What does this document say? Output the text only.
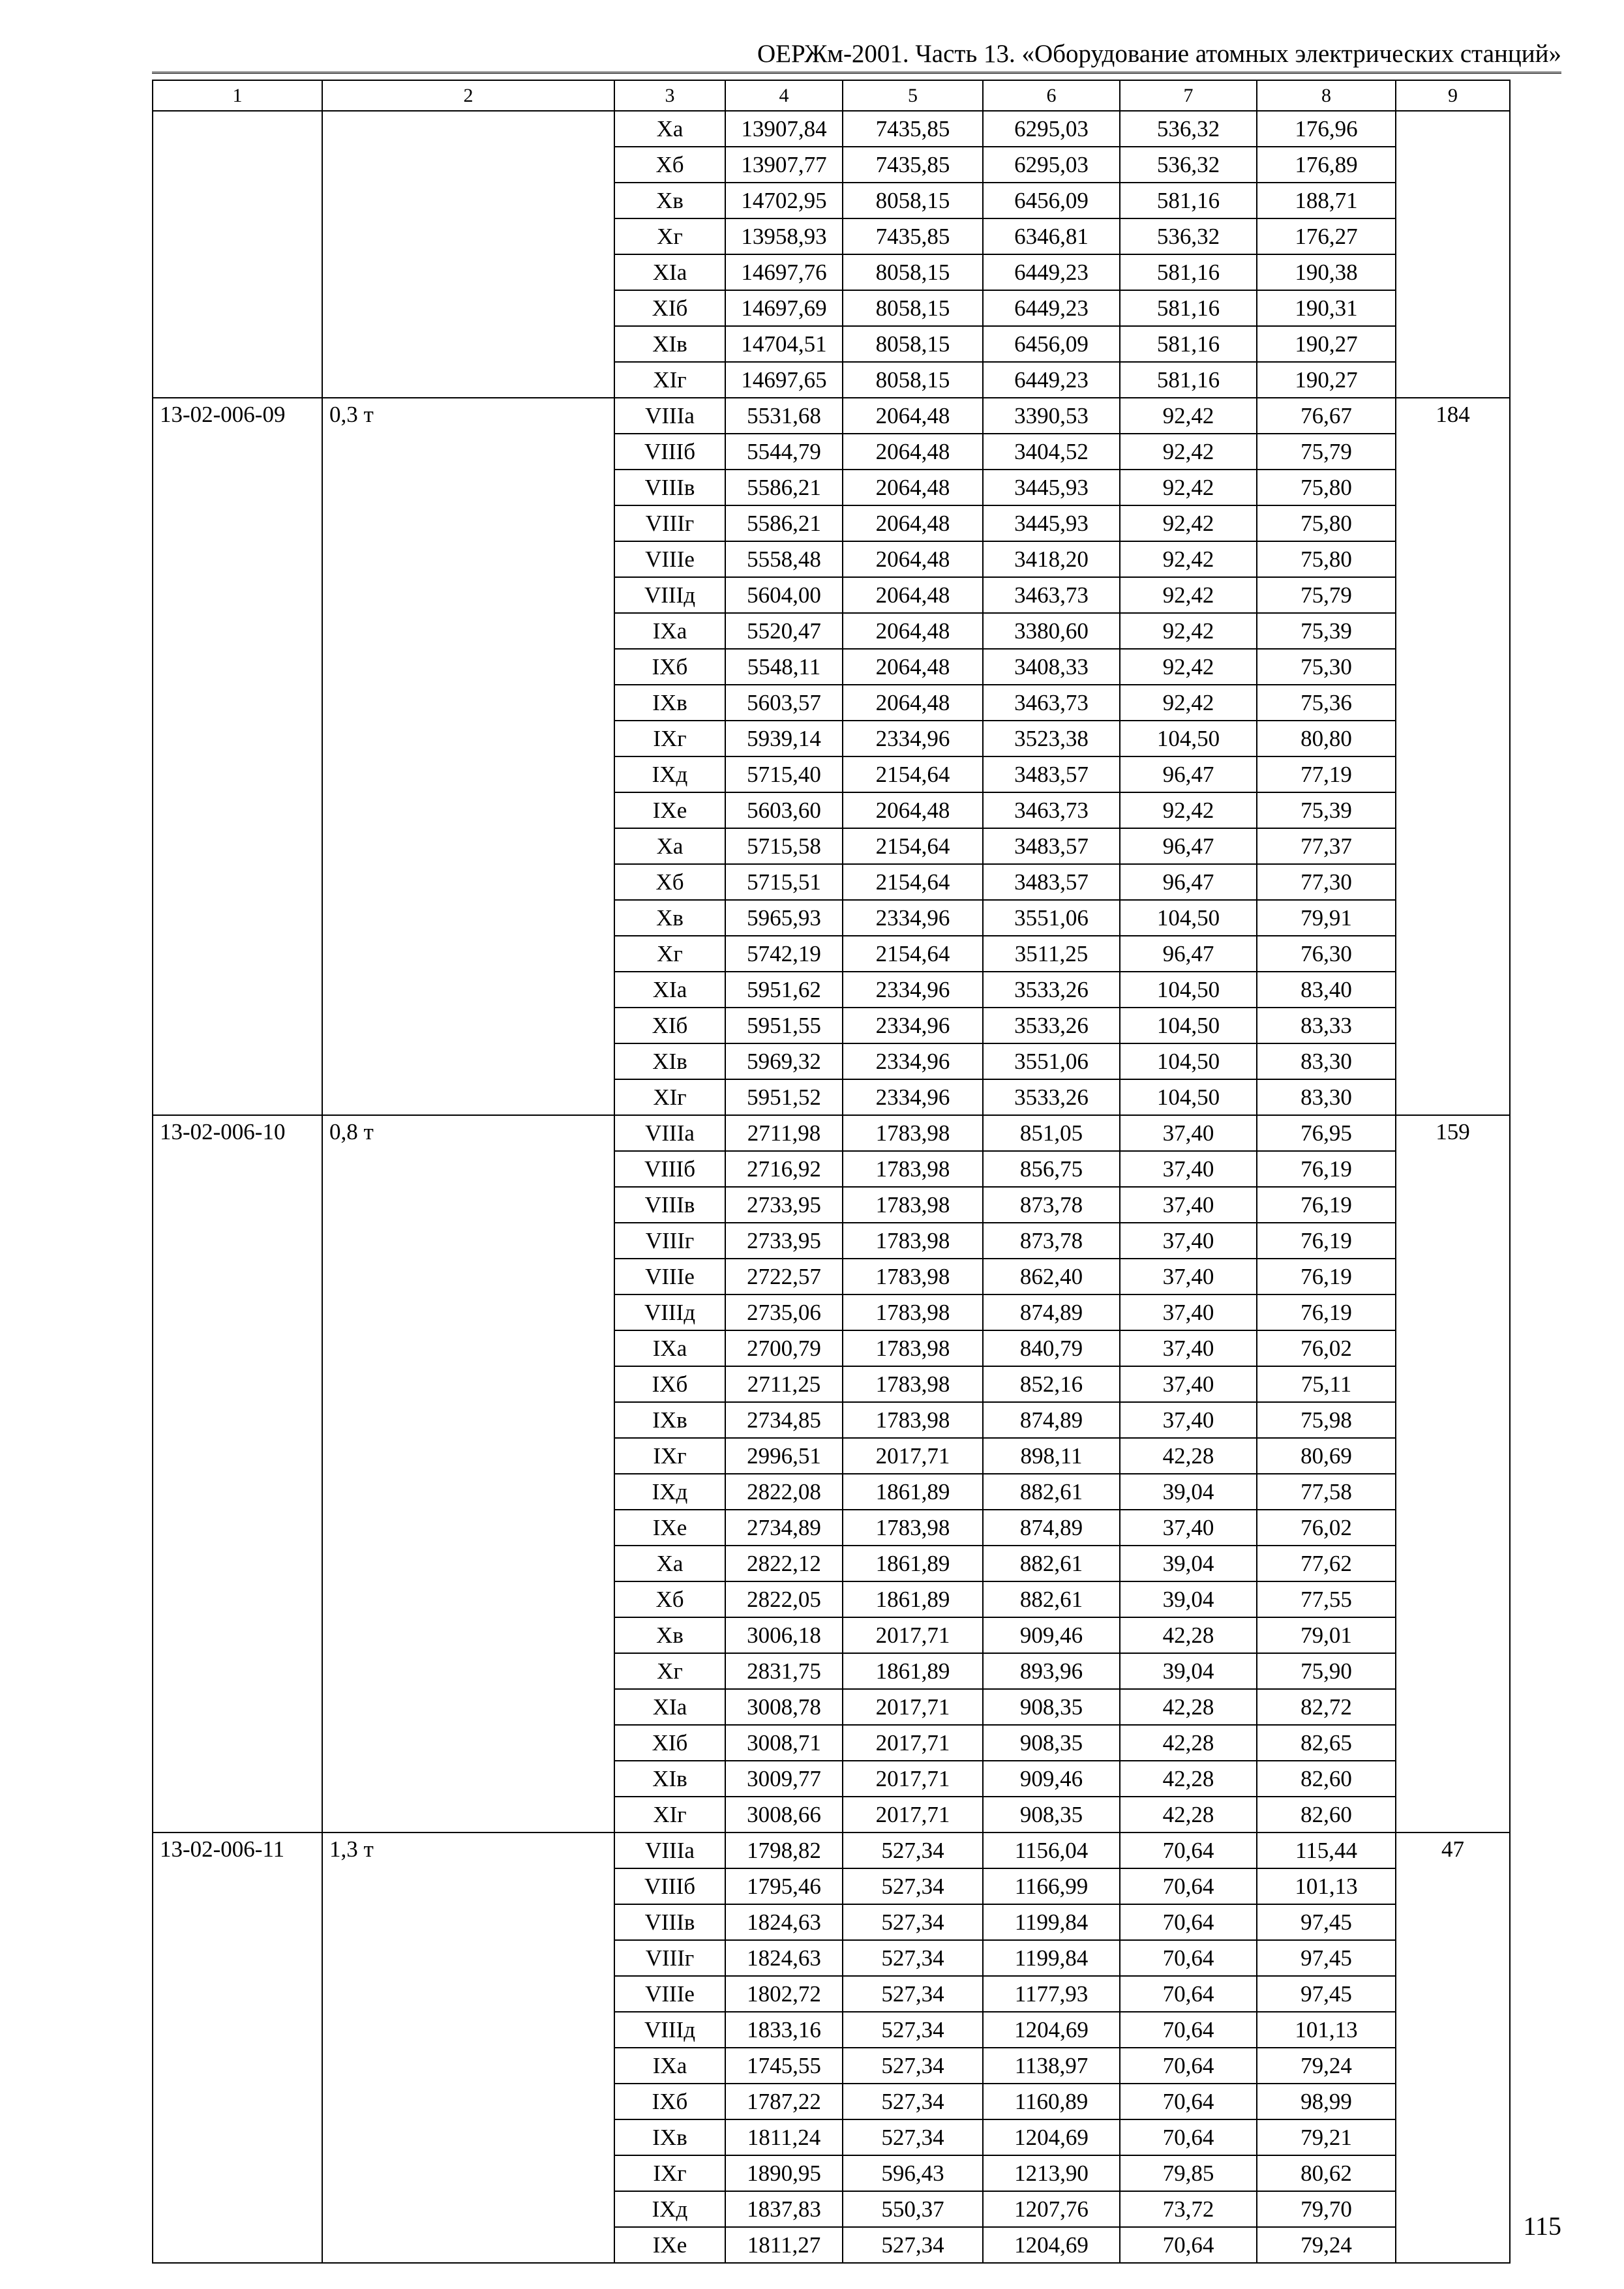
ОЕРЖм-2001. Часть 13. «Оборудование атомных электрических станций»
1	2	3	4	5	6	7	8	9
		Xa	13907,84	7435,85	6295,03	536,32	176,96	
		Xб	13907,77	7435,85	6295,03	536,32	176,89	
		Xв	14702,95	8058,15	6456,09	581,16	188,71	
		Xг	13958,93	7435,85	6346,81	536,32	176,27	
		XIa	14697,76	8058,15	6449,23	581,16	190,38	
		XIб	14697,69	8058,15	6449,23	581,16	190,31	
		XIв	14704,51	8058,15	6456,09	581,16	190,27	
		XIг	14697,65	8058,15	6449,23	581,16	190,27	
13-02-006-09	0,3 т	VIIIa	5531,68	2064,48	3390,53	92,42	76,67	184
		VIIIб	5544,79	2064,48	3404,52	92,42	75,79	
		VIIIв	5586,21	2064,48	3445,93	92,42	75,80	
		VIIIг	5586,21	2064,48	3445,93	92,42	75,80	
		VIIIe	5558,48	2064,48	3418,20	92,42	75,80	
		VIIIд	5604,00	2064,48	3463,73	92,42	75,79	
		IXa	5520,47	2064,48	3380,60	92,42	75,39	
		IXб	5548,11	2064,48	3408,33	92,42	75,30	
		IXв	5603,57	2064,48	3463,73	92,42	75,36	
		IXг	5939,14	2334,96	3523,38	104,50	80,80	
		IXд	5715,40	2154,64	3483,57	96,47	77,19	
		IXe	5603,60	2064,48	3463,73	92,42	75,39	
		Xa	5715,58	2154,64	3483,57	96,47	77,37	
		Xб	5715,51	2154,64	3483,57	96,47	77,30	
		Xв	5965,93	2334,96	3551,06	104,50	79,91	
		Xг	5742,19	2154,64	3511,25	96,47	76,30	
		XIa	5951,62	2334,96	3533,26	104,50	83,40	
		XIб	5951,55	2334,96	3533,26	104,50	83,33	
		XIв	5969,32	2334,96	3551,06	104,50	83,30	
		XIг	5951,52	2334,96	3533,26	104,50	83,30	
13-02-006-10	0,8 т	VIIIa	2711,98	1783,98	851,05	37,40	76,95	159
		VIIIб	2716,92	1783,98	856,75	37,40	76,19	
		VIIIв	2733,95	1783,98	873,78	37,40	76,19	
		VIIIг	2733,95	1783,98	873,78	37,40	76,19	
		VIIIe	2722,57	1783,98	862,40	37,40	76,19	
		VIIIд	2735,06	1783,98	874,89	37,40	76,19	
		IXa	2700,79	1783,98	840,79	37,40	76,02	
		IXб	2711,25	1783,98	852,16	37,40	75,11	
		IXв	2734,85	1783,98	874,89	37,40	75,98	
		IXг	2996,51	2017,71	898,11	42,28	80,69	
		IXд	2822,08	1861,89	882,61	39,04	77,58	
		IXe	2734,89	1783,98	874,89	37,40	76,02	
		Xa	2822,12	1861,89	882,61	39,04	77,62	
		Xб	2822,05	1861,89	882,61	39,04	77,55	
		Xв	3006,18	2017,71	909,46	42,28	79,01	
		Xг	2831,75	1861,89	893,96	39,04	75,90	
		XIa	3008,78	2017,71	908,35	42,28	82,72	
		XIб	3008,71	2017,71	908,35	42,28	82,65	
		XIв	3009,77	2017,71	909,46	42,28	82,60	
		XIг	3008,66	2017,71	908,35	42,28	82,60	
13-02-006-11	1,3 т	VIIIa	1798,82	527,34	1156,04	70,64	115,44	47
		VIIIб	1795,46	527,34	1166,99	70,64	101,13	
		VIIIв	1824,63	527,34	1199,84	70,64	97,45	
		VIIIг	1824,63	527,34	1199,84	70,64	97,45	
		VIIIe	1802,72	527,34	1177,93	70,64	97,45	
		VIIIд	1833,16	527,34	1204,69	70,64	101,13	
		IXa	1745,55	527,34	1138,97	70,64	79,24	
		IXб	1787,22	527,34	1160,89	70,64	98,99	
		IXв	1811,24	527,34	1204,69	70,64	79,21	
		IXг	1890,95	596,43	1213,90	79,85	80,62	
		IXд	1837,83	550,37	1207,76	73,72	79,70	
		IXe	1811,27	527,34	1204,69	70,64	79,24	
115
